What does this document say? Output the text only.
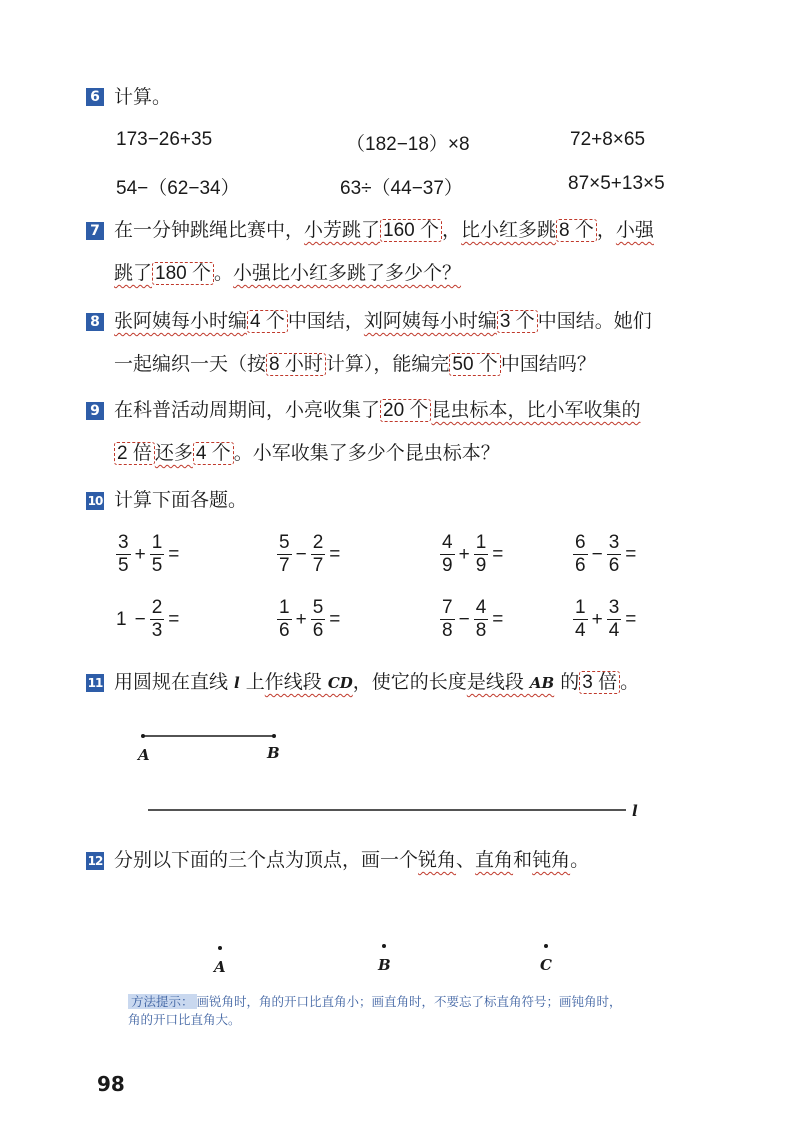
6 计算。
173−26+35	（182−18）×8	72+8×65
54−（62−34）	63÷（44−37）	87×5+13×5
7 在一分钟跳绳比赛中，小芳跳了 160 个 ，比小红多跳 8 个 ，小强
跳了 180 个 。小强比小红多跳了多少个？
8 张阿姨每小时编 4 个 中国结，刘阿姨每小时编 3 个 中国结。她们
一起编织一天（按 8 小时 计算），能编完 50 个 中国结吗？
9 在科普活动周期间，小亮收集了 20 个 昆虫标本，比小军收集的
2 倍 还多 4 个 。小军收集了多少个昆虫标本？
10 计算下面各题。
$\frac{3}{5} + \frac{1}{5}$ =	$\frac{5}{7} - \frac{2}{7}$ =	$\frac{4}{9} + \frac{1}{9}$ =	$\frac{6}{6} - \frac{3}{6}$ =
$1 - \frac{2}{3}$ =	$\frac{1}{6} + \frac{5}{6}$ =	$\frac{7}{8} - \frac{4}{8}$ =	$\frac{1}{4} + \frac{3}{4}$ =
11 用圆规在直线 l 上作线段 CD，使它的长度是线段 AB 的 3 倍 。
A	B
l
12 分别以下面的三个点为顶点，画一个锐角、直角和钝角。
A	B	C
方法提示： 画锐角时，角的开口比直角小；画直角时，不要忘了标直角符号；画钝角时，
角的开口比直角大。
98
